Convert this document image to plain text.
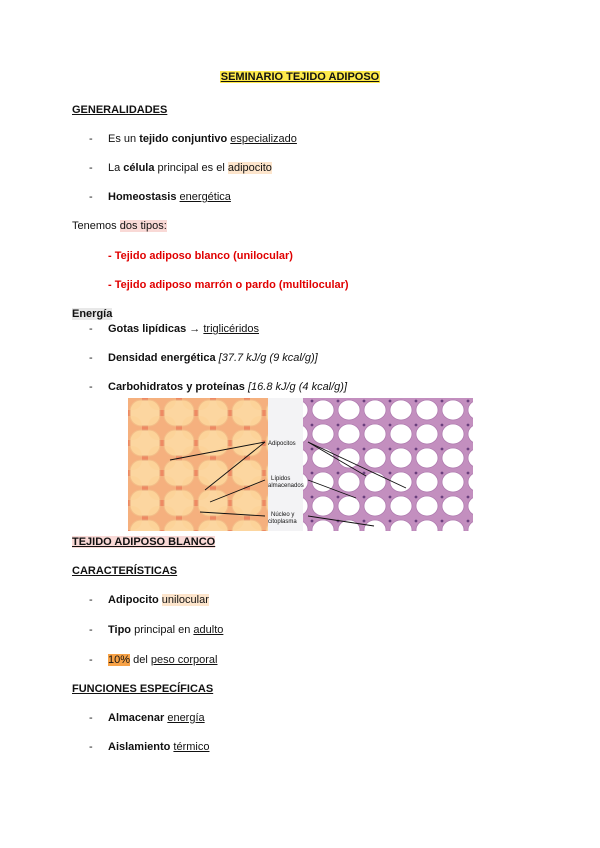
SEMINARIO TEJIDO ADIPOSO
GENERALIDADES
- Es un tejido conjuntivo especializado
- La célula principal es el adipocito
- Homeostasis energética
Tenemos dos tipos:
- Tejido adiposo blanco (unilocular)
- Tejido adiposo marrón o pardo (multilocular)
Energía
- Gotas lipídicas → triglicéridos
- Densidad energética [37.7 kJ/g (9 kcal/g)]
- Carbohidratos y proteínas [16.8 kJ/g (4 kcal/g)]
Adipocitos
Lípidos
almacenados
Núcleo y
citoplasma
TEJIDO ADIPOSO BLANCO
CARACTERÍSTICAS
- Adipocito unilocular
- Tipo principal en adulto
- 10% del peso corporal
FUNCIONES ESPECÍFICAS
- Almacenar energía
- Aislamiento térmico
